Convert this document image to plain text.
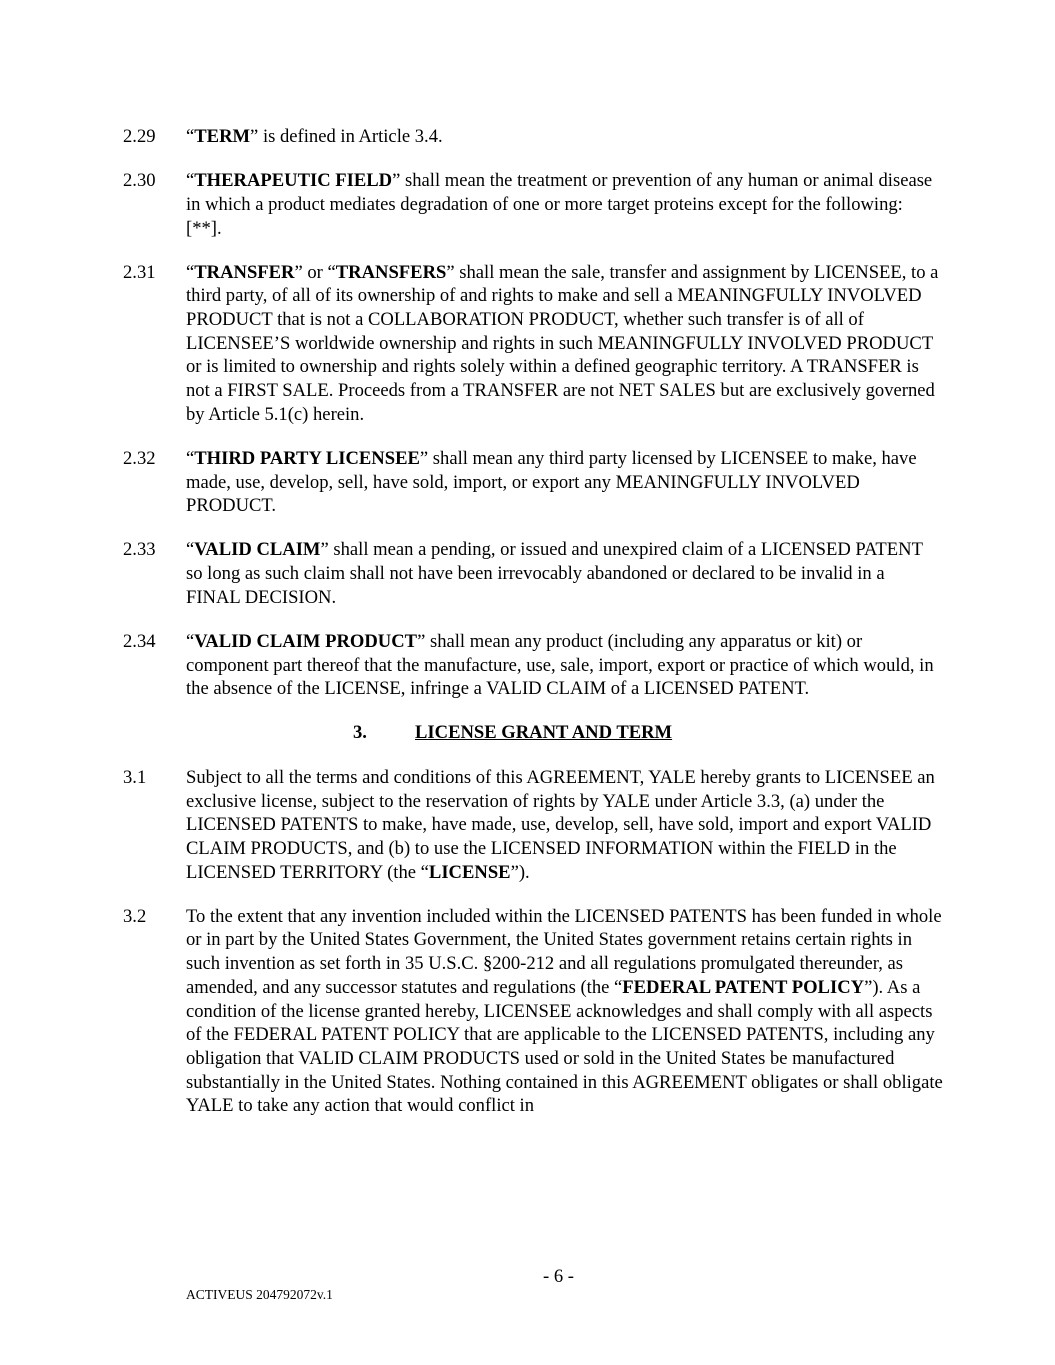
2.29 “TERM” is defined in Article 3.4.
2.30 “THERAPEUTIC FIELD” shall mean the treatment or prevention of any human or animal disease in which a product mediates degradation of one or more target proteins except for the following: [**].
2.31 “TRANSFER” or “TRANSFERS” shall mean the sale, transfer and assignment by LICENSEE, to a third party, of all of its ownership of and rights to make and sell a MEANINGFULLY INVOLVED PRODUCT that is not a COLLABORATION PRODUCT, whether such transfer is of all of LICENSEE’S worldwide ownership and rights in such MEANINGFULLY INVOLVED PRODUCT or is limited to ownership and rights solely within a defined geographic territory. A TRANSFER is not a FIRST SALE. Proceeds from a TRANSFER are not NET SALES but are exclusively governed by Article 5.1(c) herein.
2.32 “THIRD PARTY LICENSEE” shall mean any third party licensed by LICENSEE to make, have made, use, develop, sell, have sold, import, or export any MEANINGFULLY INVOLVED PRODUCT.
2.33 “VALID CLAIM” shall mean a pending, or issued and unexpired claim of a LICENSED PATENT so long as such claim shall not have been irrevocably abandoned or declared to be invalid in a FINAL DECISION.
2.34 “VALID CLAIM PRODUCT” shall mean any product (including any apparatus or kit) or component part thereof that the manufacture, use, sale, import, export or practice of which would, in the absence of the LICENSE, infringe a VALID CLAIM of a LICENSED PATENT.
3.	LICENSE GRANT AND TERM
3.1 Subject to all the terms and conditions of this AGREEMENT, YALE hereby grants to LICENSEE an exclusive license, subject to the reservation of rights by YALE under Article 3.3, (a) under the LICENSED PATENTS to make, have made, use, develop, sell, have sold, import and export VALID CLAIM PRODUCTS, and (b) to use the LICENSED INFORMATION within the FIELD in the LICENSED TERRITORY (the “LICENSE”).
3.2 To the extent that any invention included within the LICENSED PATENTS has been funded in whole or in part by the United States Government, the United States government retains certain rights in such invention as set forth in 35 U.S.C. §200-212 and all regulations promulgated thereunder, as amended, and any successor statutes and regulations (the “FEDERAL PATENT POLICY”). As a condition of the license granted hereby, LICENSEE acknowledges and shall comply with all aspects of the FEDERAL PATENT POLICY that are applicable to the LICENSED PATENTS, including any obligation that VALID CLAIM PRODUCTS used or sold in the United States be manufactured substantially in the United States. Nothing contained in this AGREEMENT obligates or shall obligate YALE to take any action that would conflict in
- 6 -
ACTIVEUS 204792072v.1
